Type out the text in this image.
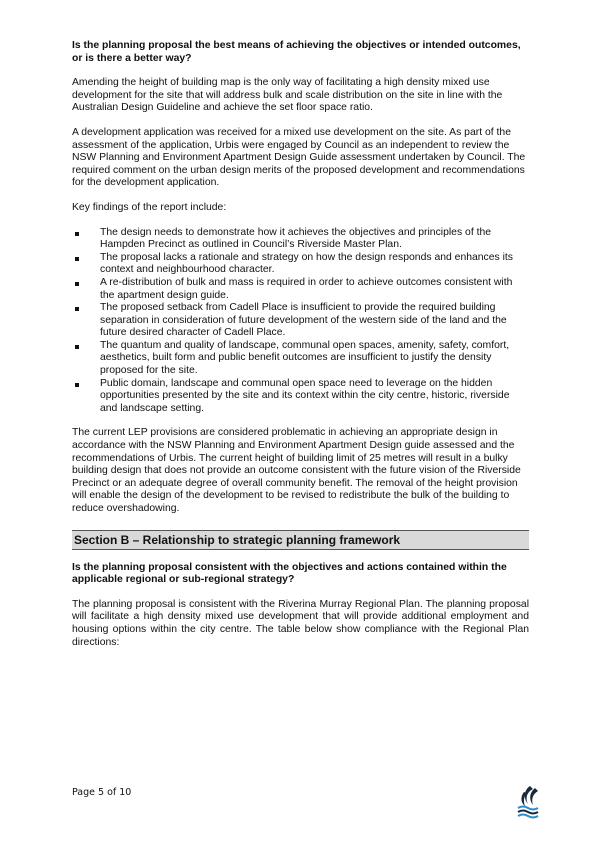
Is the planning proposal the best means of achieving the objectives or intended outcomes, or is there a better way?

Amending the height of building map is the only way of facilitating a high density mixed use development for the site that will address bulk and scale distribution on the site in line with the Australian Design Guideline and achieve the set floor space ratio.

A development application was received for a mixed use development on the site. As part of the assessment of the application, Urbis were engaged by Council as an independent to review the NSW Planning and Environment Apartment Design Guide assessment undertaken by Council. The required comment on the urban design merits of the proposed development and recommendations for the development application.

Key findings of the report include:

The design needs to demonstrate how it achieves the objectives and principles of the Hampden Precinct as outlined in Council’s Riverside Master Plan.
The proposal lacks a rationale and strategy on how the design responds and enhances its context and neighbourhood character.
A re-distribution of bulk and mass is required in order to achieve outcomes consistent with the apartment design guide.
The proposed setback from Cadell Place is insufficient to provide the required building separation in consideration of future development of the western side of the land and the future desired character of Cadell Place.
The quantum and quality of landscape, communal open spaces, amenity, safety, comfort, aesthetics, built form and public benefit outcomes are insufficient to justify the density proposed for the site.
Public domain, landscape and communal open space need to leverage on the hidden opportunities presented by the site and its context within the city centre, historic, riverside and landscape setting.

The current LEP provisions are considered problematic in achieving an appropriate design in accordance with the NSW Planning and Environment Apartment Design guide assessed and the recommendations of Urbis. The current height of building limit of 25 metres will result in a bulky building design that does not provide an outcome consistent with the future vision of the Riverside Precinct or an adequate degree of overall community benefit. The removal of the height provision will enable the design of the development to be revised to redistribute the bulk of the building to reduce overshadowing.

Section B – Relationship to strategic planning framework

Is the planning proposal consistent with the objectives and actions contained within the applicable regional or sub-regional strategy?

The planning proposal is consistent with the Riverina Murray Regional Plan. The planning proposal will facilitate a high density mixed use development that will provide additional employment and housing options within the city centre. The table below show compliance with the Regional Plan directions:

Page 5 of 10
